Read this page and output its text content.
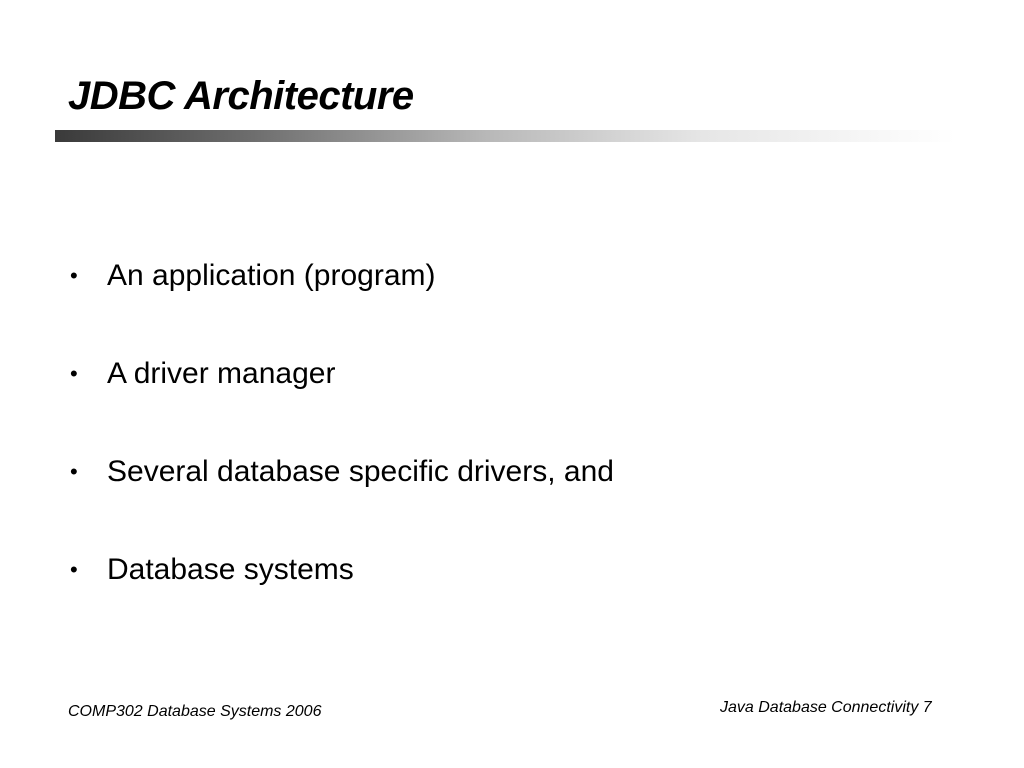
JDBC Architecture
• An application (program)
• A driver manager
• Several database specific drivers, and
• Database systems
COMP302 Database Systems 2006	Java Database Connectivity 7
